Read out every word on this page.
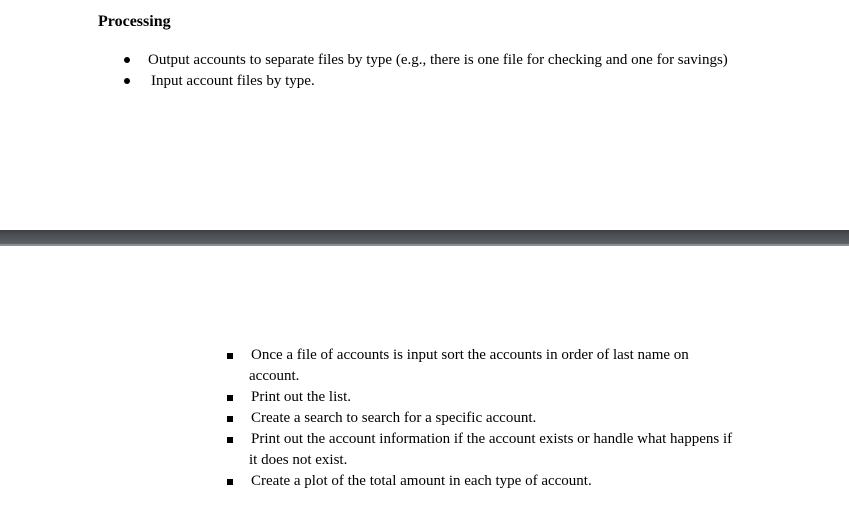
Processing
Output accounts to separate files by type (e.g., there is one file for checking and one for savings)
Input account files by type.
Once a file of accounts is input sort the accounts in order of last name on
account.
Print out the list.
Create a search to search for a specific account.
Print out the account information if the account exists or handle what happens if
it does not exist.
Create a plot of the total amount in each type of account.
